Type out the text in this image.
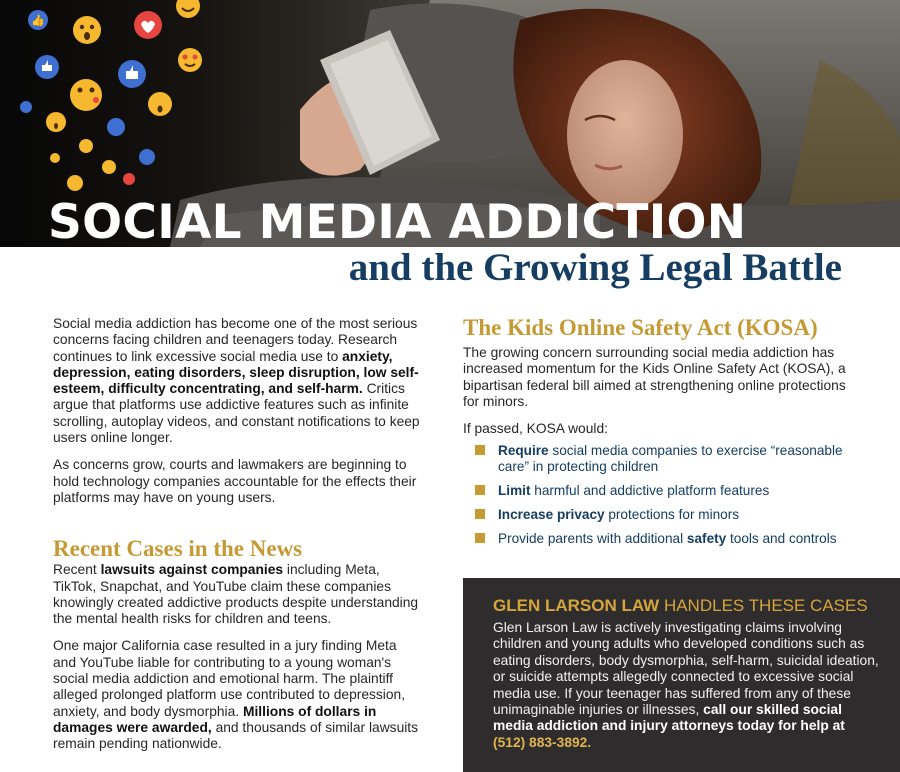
👍
SOCIAL MEDIA ADDICTION
and the Growing Legal Battle

Social media addiction has become one of the most serious concerns facing children and teenagers today. Research continues to link excessive social media use to anxiety, depression, eating disorders, sleep disruption, low self-esteem, difficulty concentrating, and self-harm. Critics argue that platforms use addictive features such as infinite scrolling, autoplay videos, and constant notifications to keep users online longer.

As concerns grow, courts and lawmakers are beginning to hold technology companies accountable for the effects their platforms may have on young users.

Recent Cases in the News

Recent lawsuits against companies including Meta, TikTok, Snapchat, and YouTube claim these companies knowingly created addictive products despite understanding the mental health risks for children and teens.

One major California case resulted in a jury finding Meta and YouTube liable for contributing to a young woman's social media addiction and emotional harm. The plaintiff alleged prolonged platform use contributed to depression, anxiety, and body dysmorphia. Millions of dollars in damages were awarded, and thousands of similar lawsuits remain pending nationwide.

The Kids Online Safety Act (KOSA)

The growing concern surrounding social media addiction has increased momentum for the Kids Online Safety Act (KOSA), a bipartisan federal bill aimed at strengthening online protections for minors.

If passed, KOSA would:

Require social media companies to exercise “reasonable care” in protecting children
Limit harmful and addictive platform features
Increase privacy protections for minors
Provide parents with additional safety tools and controls
GLEN LARSON LAW HANDLES THESE CASES

Glen Larson Law is actively investigating claims involving children and young adults who developed conditions such as eating disorders, body dysmorphia, self-harm, suicidal ideation, or suicide attempts allegedly connected to excessive social media use. If your teenager has suffered from any of these unimaginable injuries or illnesses, call our skilled social media addiction and injury attorneys today for help at (512) 883-3892.
